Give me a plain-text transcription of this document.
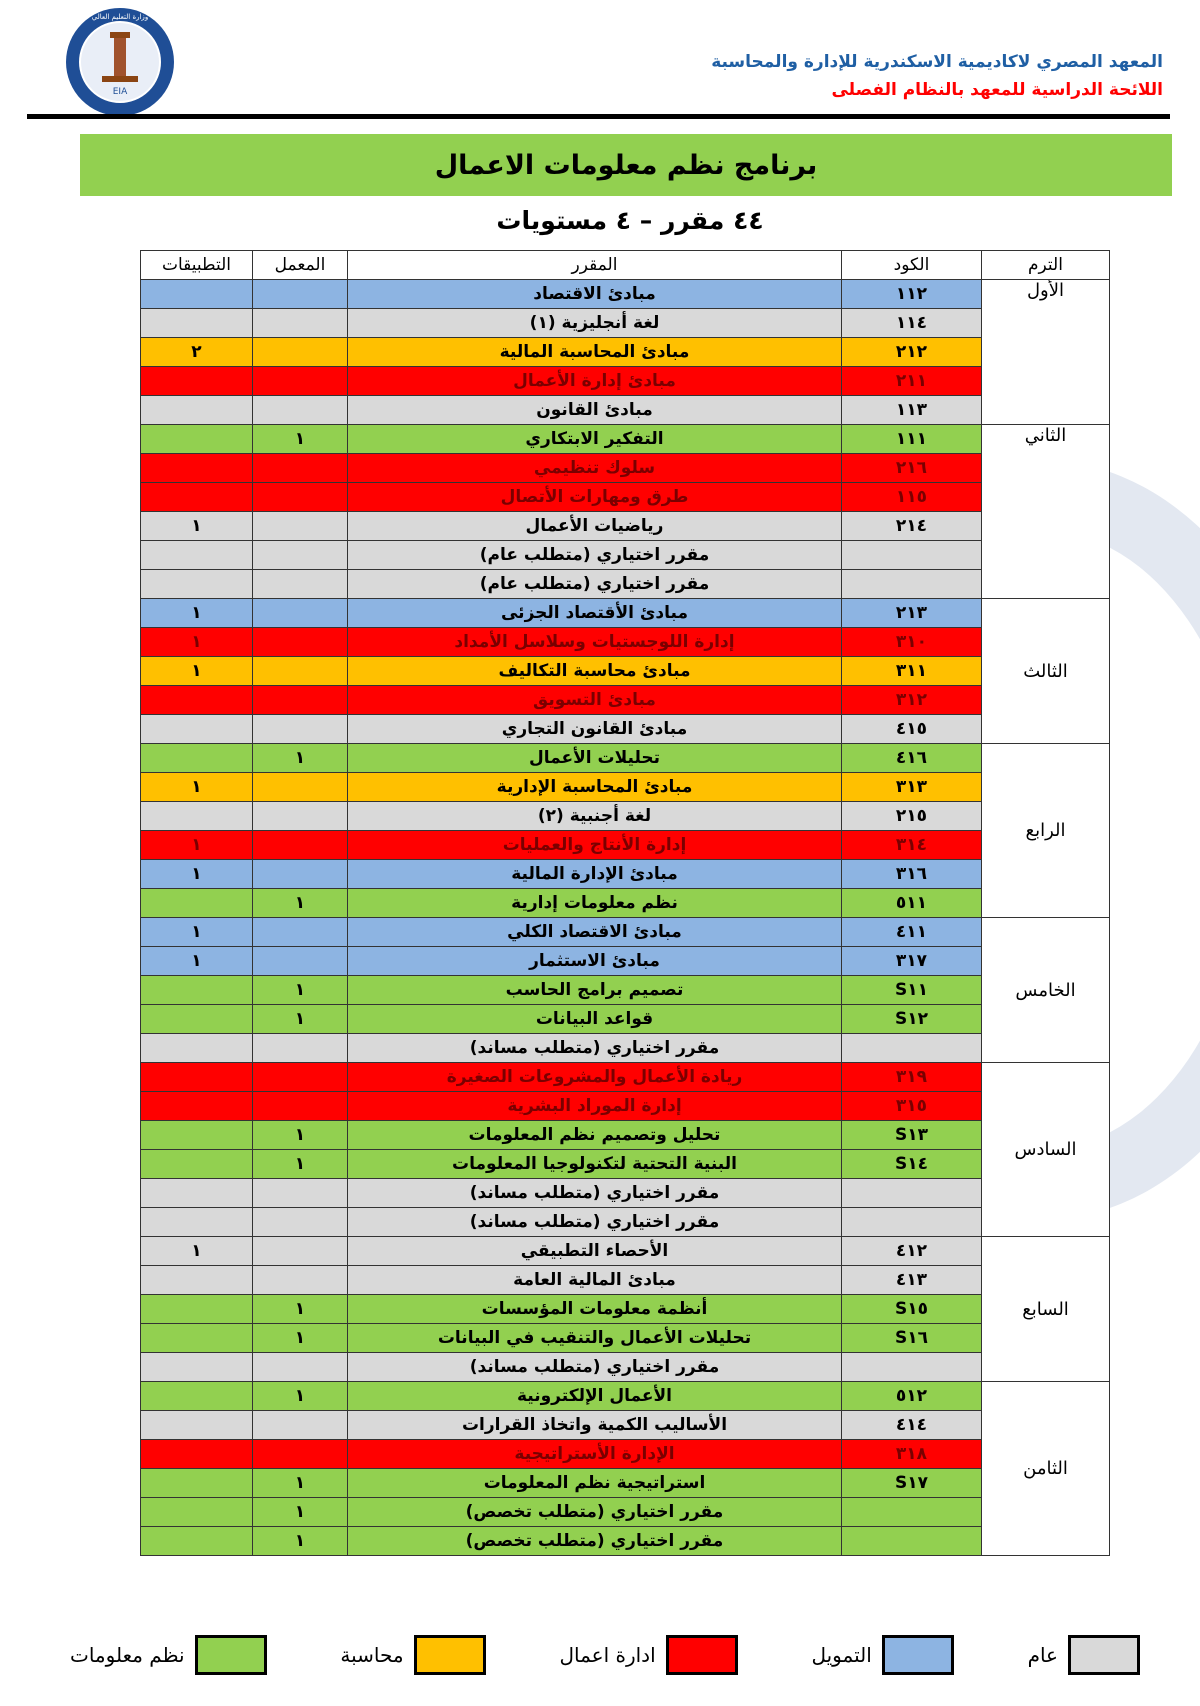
EIA
وزارة التعليم العالي
المعهد المصري لاكاديمية الاسكندرية للإدارة والمحاسبة
اللائحة الدراسية للمعهد بالنظام الفصلى
برنامج نظم معلومات الاعمال
٤٤ مقرر – ٤ مستويات
الترم	الكود	المقرر	المعمل	التطبيقات
الأول	١١٢	مبادئ الاقتصاد		
	١١٤	لغة أنجليزية (١)		
	٢١٢	مبادئ المحاسبة المالية		٢
	٢١١	مبادئ إدارة الأعمال		
	١١٣	مبادئ القانون		
الثاني	١١١	التفكير الابتكاري	١	
	٢١٦	سلوك تنظيمي		
	١١٥	طرق ومهارات الأتصال		
	٢١٤	رياضيات الأعمال		١
		مقرر اختياري (متطلب عام)		
		مقرر اختياري (متطلب عام)		
الثالث	٢١٣	مبادئ الأقتصاد الجزئى		١
	٣١٠	إدارة اللوجستيات وسلاسل الأمداد		١
	٣١١	مبادئ محاسبة التكاليف		١
	٣١٢	مبادئ التسويق		
	٤١٥	مبادئ القانون التجاري		
الرابع	٤١٦	تحليلات الأعمال	١	
	٣١٣	مبادئ المحاسبة الإدارية		١
	٢١٥	لغة أجنبية (٢)		
	٣١٤	إدارة الأنتاج والعمليات		١
	٣١٦	مبادئ الإدارة المالية		١
	٥١١	نظم معلومات إدارية	١	
الخامس	٤١١	مبادئ الاقتصاد الكلي		١
	٣١٧	مبادئ الاستثمار		١
	S١١	تصميم برامج الحاسب	١	
	S١٢	قواعد البيانات	١	
		مقرر اختياري (متطلب مساند)		
السادس	٣١٩	ريادة الأعمال والمشروعات الصغيرة		
	٣١٥	إدارة الموراد البشرية		
	S١٣	تحليل وتصميم نظم المعلومات	١	
	S١٤	البنية التحتية لتكنولوجيا المعلومات	١	
		مقرر اختياري (متطلب مساند)		
		مقرر اختياري (متطلب مساند)		
السابع	٤١٢	الأحصاء التطبيقي		١
	٤١٣	مبادئ المالية العامة		
	S١٥	أنظمة معلومات المؤسسات	١	
	S١٦	تحليلات الأعمال والتنقيب في البيانات	١	
		مقرر اختياري (متطلب مساند)		
الثامن	٥١٢	الأعمال الإلكترونية	١	
	٤١٤	الأساليب الكمية واتخاذ القرارات		
	٣١٨	الإدارة الأستراتيجية		
	S١٧	استراتيجية نظم المعلومات	١	
		مقرر اختياري (متطلب تخصص)	١	
		مقرر اختياري (متطلب تخصص)	١	
عام
التمويل
ادارة اعمال
محاسبة
نظم معلومات
